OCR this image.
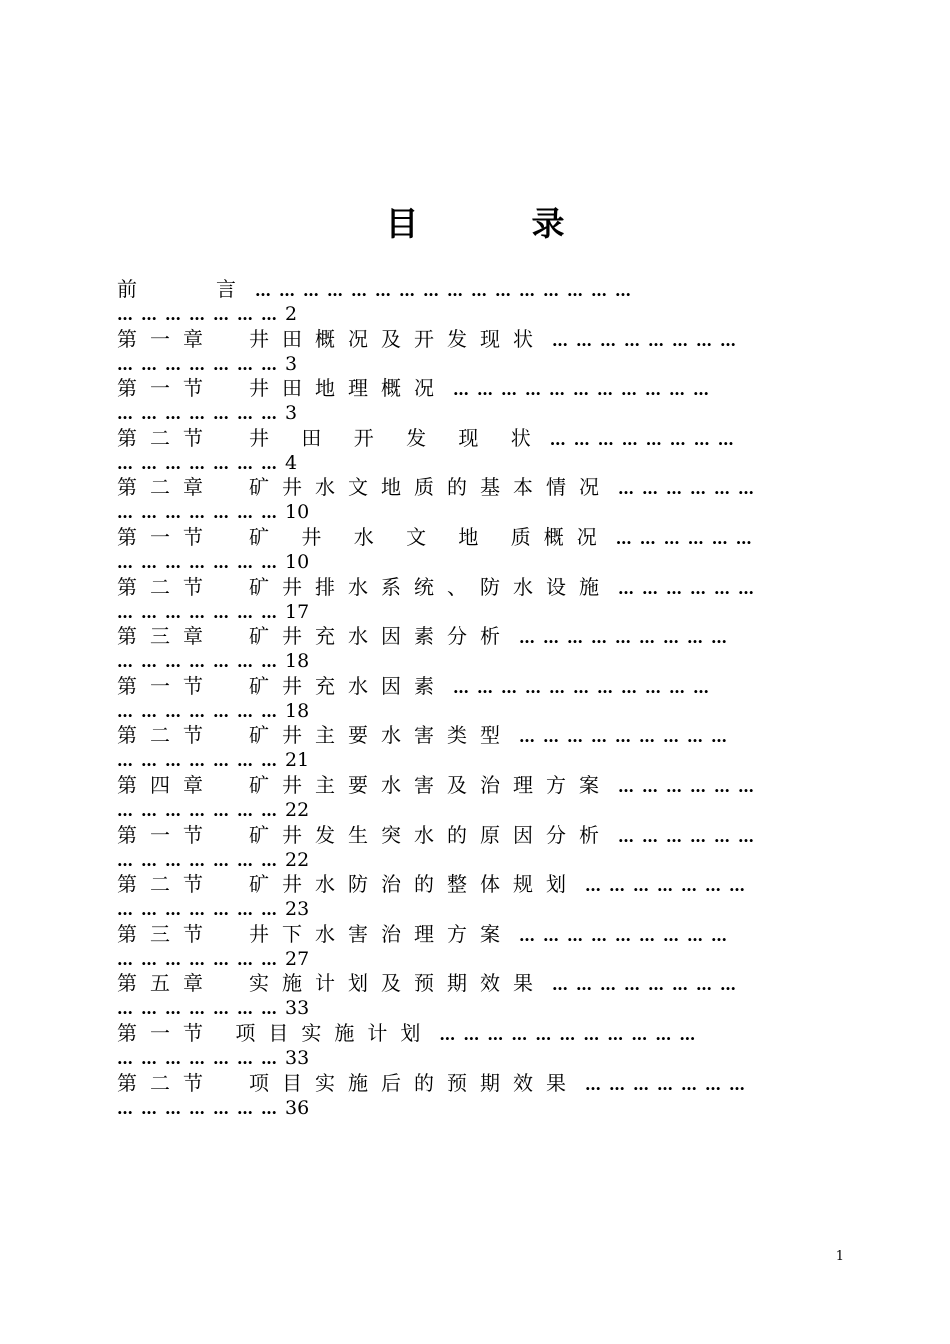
目　录
前　　言 … … … … … … … … … … … … … … … …
… … … … … … … 2
第一章　井田概况及开发现状 … … … … … … … …
… … … … … … … 3
第一节　井田地理概况 … … … … … … … … … … …
… … … … … … … 3
第二节　井 田 开 发 现 状 … … … … … … … …
… … … … … … … 4
第二章　矿井水文地质的基本情况 … … … … … …
… … … … … … … 10
第一节　矿 井 水 文 地 质概况 … … … … … …
… … … … … … … 10
第二节　矿井排水系统、防水设施 … … … … … …
… … … … … … … 17
第三章　矿井充水因素分析 … … … … … … … … …
… … … … … … … 18
第一节　矿井充水因素 … … … … … … … … … … …
… … … … … … … 18
第二节　矿井主要水害类型 … … … … … … … … …
… … … … … … … 21
第四章　矿井主要水害及治理方案 … … … … … …
… … … … … … … 22
第一节　矿井发生突水的原因分析 … … … … … …
… … … … … … … 22
第二节　矿井水防治的整体规划 … … … … … … …
… … … … … … … 23
第三节　井下水害治理方案 … … … … … … … … …
… … … … … … … 27
第五章　实施计划及预期效果 … … … … … … … …
… … … … … … … 33
第一节 项目实施计划 … … … … … … … … … … …
… … … … … … … 33
第二节　项目实施后的预期效果 … … … … … … …
… … … … … … … 36
1
